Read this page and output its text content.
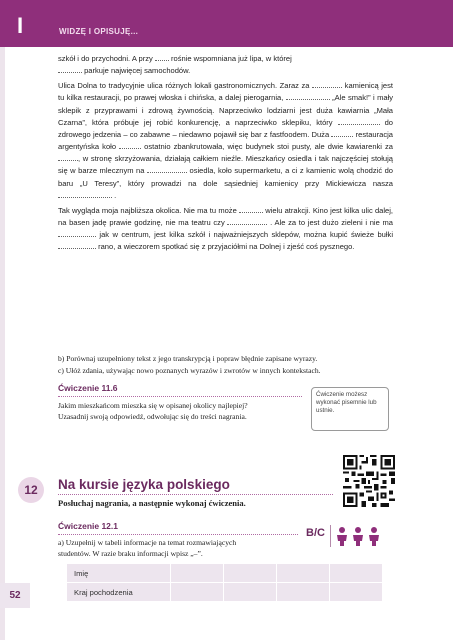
I	WIDZĘ I OPISUJĘ...

szkół i do przychodni. A przy  rośnie wspomniana już lipa, w której
parkuje najwięcej samochodów.

Ulica Dolna to tradycyjnie ulica różnych lokali gastronomicznych. Zaraz za	kamienicą jest tu kilka restauracji, po prawej włoska i chińska, a dalej pierogarnia,	„Ale smak!” i mały sklepik z przyprawami i zdrową żywnością. Naprzeciwko lodziarni jest duża kawiarnia „Mała Czarna”, która próbuje jej robić konkurencję, a naprzeciwko sklepiku, który	do zdrowego jedzenia – co zabawne – niedawno pojawił się bar z fastfoodem. Duża	restauracja argentyńska koło	ostatnio zbankrutowała, więc budynek stoi pusty, ale dwie kawiarenki za , w stronę skrzyżowania, działają całkiem nieźle. Mieszkańcy osiedla i tak najczęściej stołują się w barze mlecznym na	osiedla, koło supermarketu, a ci z kamienic wolą chodzić do baru „U Teresy”, który prowadzi na dole sąsiedniej kamienicy przy Mickiewicza nasza  .

Tak wygląda moja najbliższa okolica. Nie ma tu może	wielu atrakcji. Kino jest kilka ulic dalej, na basen jadę prawie godzinę, nie ma teatru czy	. Ale za to jest dużo zieleni i nie ma  jak w centrum, jest kilka szkół i najważniejszych sklepów, można kupić świeże bułki  rano, a wieczorem spotkać się z przyjaciółmi na Dolnej i zjeść coś pysznego.

b) Porównaj uzupełniony tekst z jego transkrypcją i popraw błędnie zapisane wyrazy.
c) Ułóż zdania, używając nowo poznanych wyrazów i zwrotów w innych kontekstach.
Ćwiczenie 11.6
Jakim mieszkańcom mieszka się w opisanej okolicy najlepiej?
Uzasadnij swoją odpowiedź, odwołując się do treści nagrania.
Ćwiczenie możesz wykonać pisemnie lub ustnie.
12	Na kursie języka polskiego
Posłuchaj nagrania, a następnie wykonaj ćwiczenia.
Ćwiczenie 12.1
a) Uzupełnij w tabeli informacje na temat rozmawiających
studentów. W razie braku informacji wpisz „–”.
B/C
Imię				
Kraj pochodzenia				
52
